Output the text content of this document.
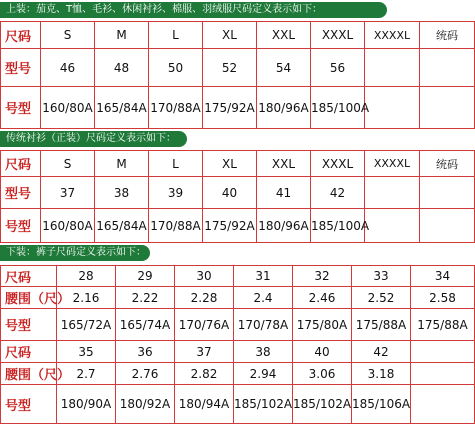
上装：茄克、T恤、毛衫、休闲衬衫、棉服、羽绒服尺码定义表示如下：
尺码	S	M	L	XL	XXL	XXXL	XXXXL	统码
型号	46	48	50	52	54	56		
号型	160/80A	165/84A	170/88A	175/92A	180/96A	185/100A		
传统衬衫（正装）尺码定义表示如下：
尺码	S	M	L	XL	XXL	XXXL	XXXXL	统码
型号	37	38	39	40	41	42		
号型	160/80A	165/84A	170/88A	175/92A	180/96A	185/100A		
下装：裤子尺码定义表示如下：
尺码	28	29	30	31	32	33	34
腰围（尺）	2.16	2.22	2.28	2.4	2.46	2.52	2.58
号型	165/72A	165/74A	170/76A	170/78A	175/80A	175/88A	175/88A
尺码	35	36	37	38	40	42	
腰围（尺）	2.7	2.76	2.82	2.94	3.06	3.18	
号型	180/90A	180/92A	180/94A	185/102A	185/102A	185/106A	
